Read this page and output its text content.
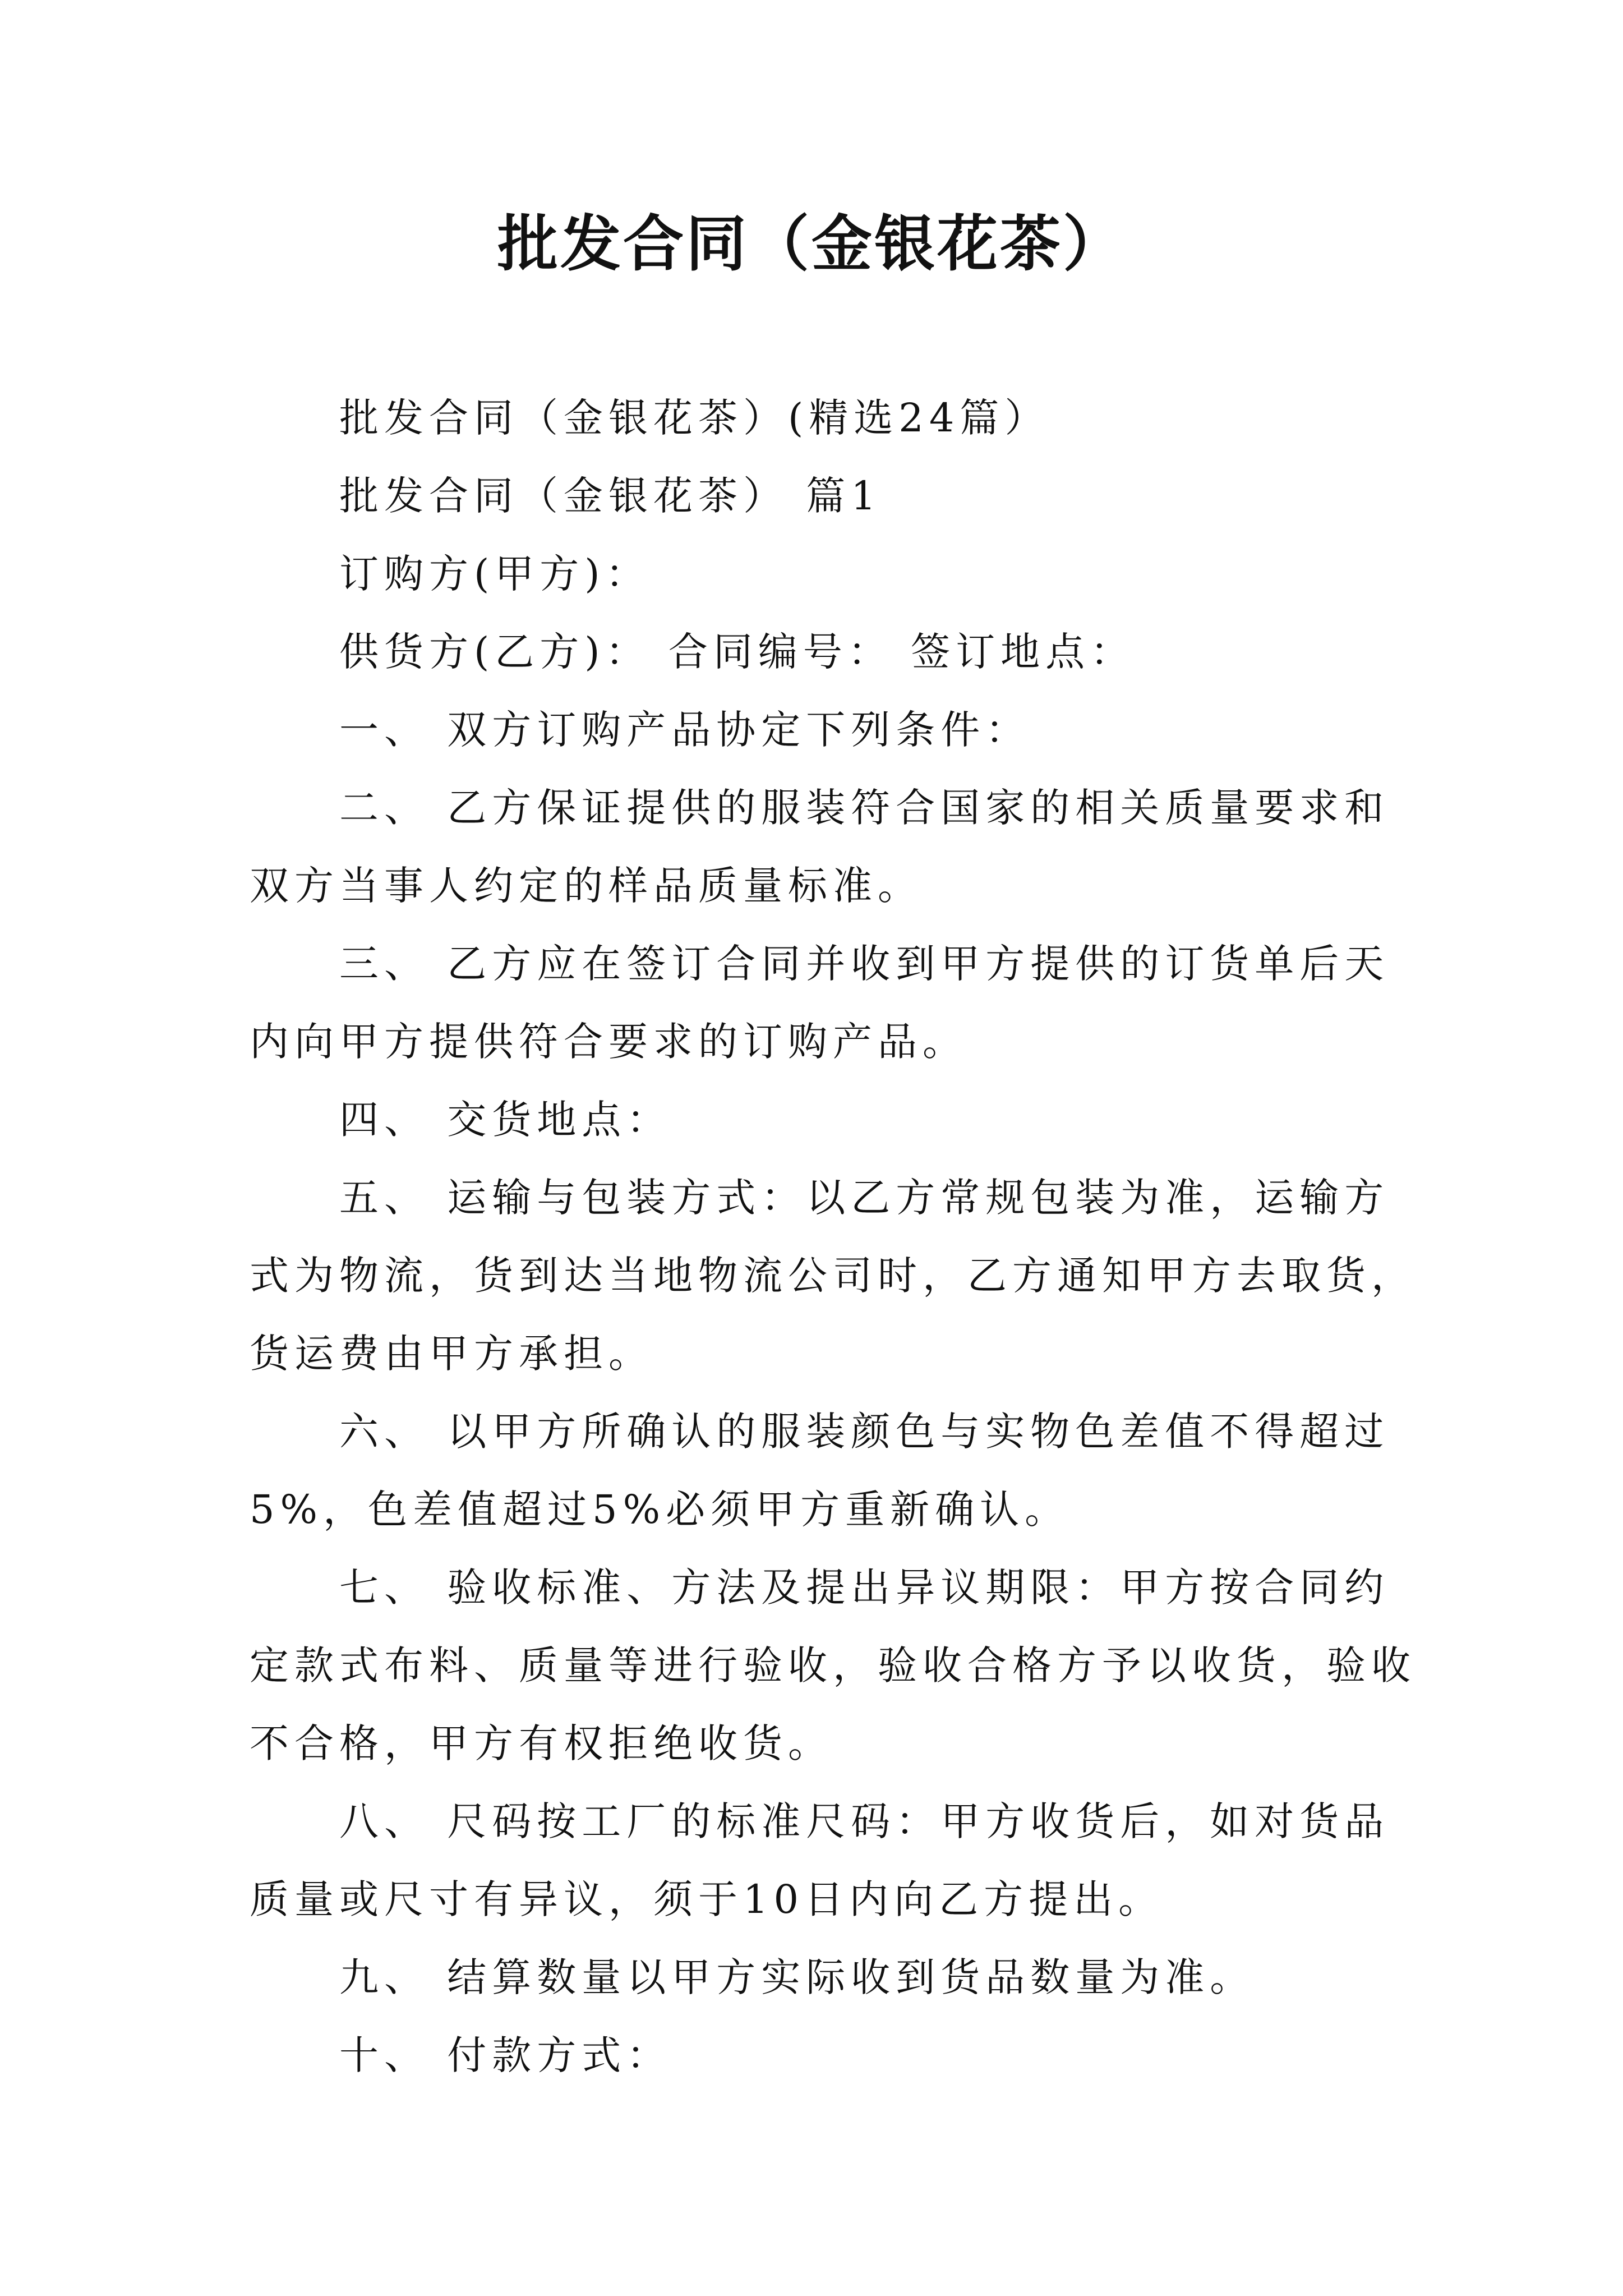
批发合同（金银花茶）

批发合同（金银花茶）(精选24篇）

批发合同（金银花茶） 篇1

订购方(甲方)：

供货方(乙方)： 合同编号： 签订地点：

一、 双方订购产品协定下列条件：

二、 乙方保证提供的服装符合国家的相关质量要求和双方当事人约定的样品质量标准。

三、 乙方应在签订合同并收到甲方提供的订货单后天内向甲方提供符合要求的订购产品。

四、 交货地点：

五、 运输与包装方式：以乙方常规包装为准，运输方式为物流，货到达当地物流公司时，乙方通知甲方去取货，货运费由甲方承担。

六、 以甲方所确认的服装颜色与实物色差值不得超过5%，色差值超过5%必须甲方重新确认。

七、 验收标准、方法及提出异议期限：甲方按合同约定款式布料、质量等进行验收，验收合格方予以收货，验收不合格，甲方有权拒绝收货。

八、 尺码按工厂的标准尺码：甲方收货后，如对货品质量或尺寸有异议，须于10日内向乙方提出。

九、 结算数量以甲方实际收到货品数量为准。

十、 付款方式：
